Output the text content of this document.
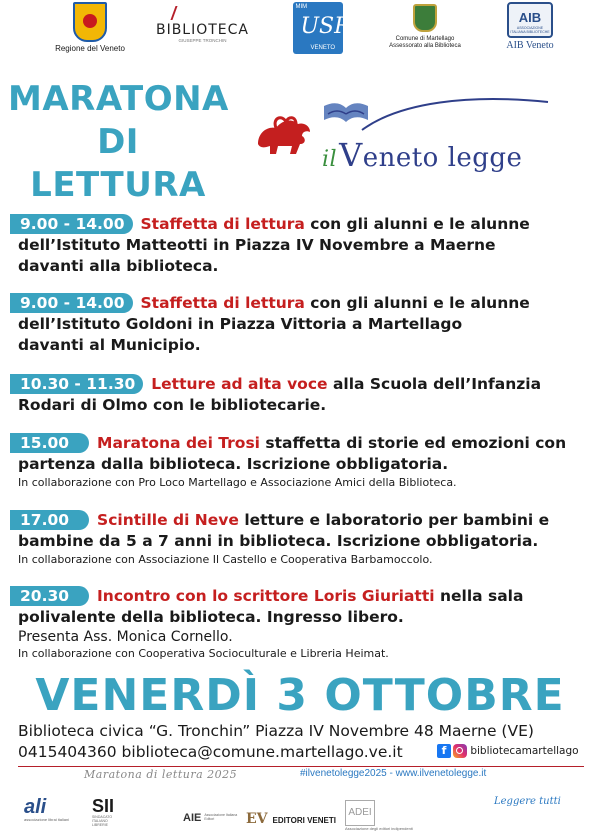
Regione del Veneto
BIBLIOTECA
GIUSEPPE TRONCHIN
MIM
USR
VENETO
Comune di Martellago
Assessorato alla Biblioteca
AIB
ASSOCIAZIONE ITALIANA BIBLIOTECHE
AIB Veneto
MARATONA
DI
LETTURA
ilVeneto legge
9.00 - 14.00 Staffetta di lettura con gli alunni e le alunne
dell’Istituto Matteotti in Piazza IV Novembre a Maerne
davanti alla biblioteca.
9.00 - 14.00 Staffetta di lettura con gli alunni e le alunne
dell’Istituto Goldoni in Piazza Vittoria a Martellago
davanti al Municipio.
10.30 - 11.30 Letture ad alta voce alla Scuola dell’Infanzia
Rodari di Olmo con le bibliotecarie.
15.00 Maratona dei Trosi staffetta di storie ed emozioni con
partenza dalla biblioteca. Iscrizione obbligatoria.
In collaborazione con Pro Loco Martellago e Associazione Amici della Biblioteca.
17.00 Scintille di Neve letture e laboratorio per bambini e
bambine da 5 a 7 anni in biblioteca. Iscrizione obbligatoria.
In collaborazione con Associazione Il Castello e Cooperativa Barbamoccolo.
20.30 Incontro con lo scrittore Loris Giuriatti nella sala
polivalente della biblioteca. Ingresso libero.
Presenta Ass. Monica Cornello.
In collaborazione con Cooperativa Socioculturale e Libreria Heimat.
VENERDÌ 3 OTTOBRE
Biblioteca civica “G. Tronchin” Piazza IV Novembre 48 Maerne (VE)
0415404360 biblioteca@comune.martellago.ve.it	f bibliotecamartellago
Maratona di lettura 2025	#ilvenetolegge2025 - www.ilvenetolegge.it
ali
associazione librai italiani
SII
SINDACATO ITALIANO LIBRERIE
AIE Associazione Italiana Editori	EV EDITORI VENETI
ADEI
Associazione degli editori indipendenti
Leggere tutti
